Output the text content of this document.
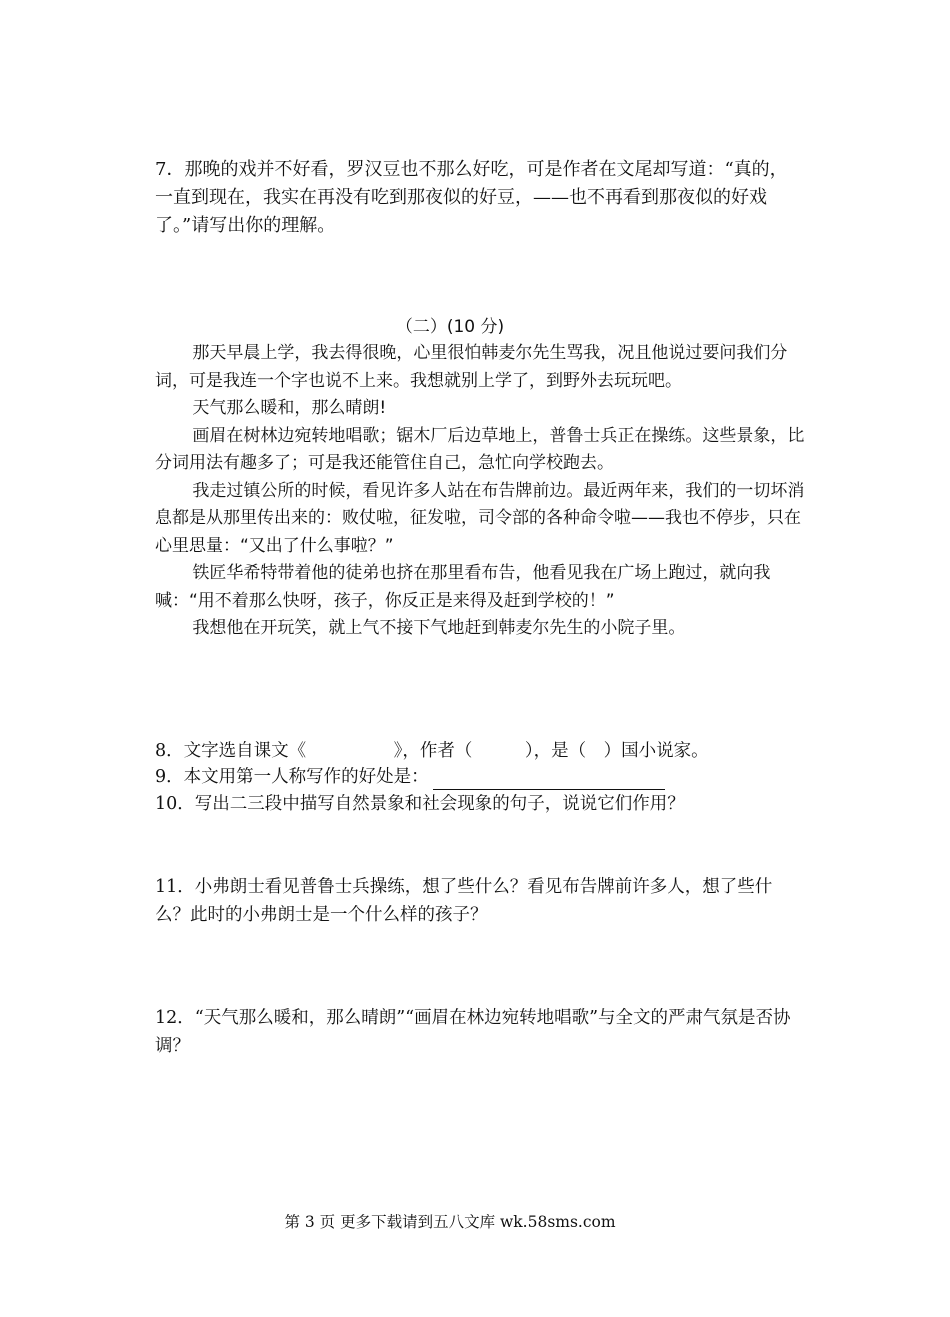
7．那晚的戏并不好看，罗汉豆也不那么好吃，可是作者在文尾却写道：“真的，一直到现在，我实在再没有吃到那夜似的好豆，——也不再看到那夜似的好戏了。”请写出你的理解。

（二）(10 分)

那天早晨上学，我去得很晚，心里很怕韩麦尔先生骂我，况且他说过要问我们分词，可是我连一个字也说不上来。我想就别上学了，到野外去玩玩吧。

天气那么暖和，那么晴朗!

画眉在树林边宛转地唱歌；锯木厂后边草地上，普鲁士兵正在操练。这些景象，比分词用法有趣多了；可是我还能管住自己，急忙向学校跑去。

我走过镇公所的时候，看见许多人站在布告牌前边。最近两年来，我们的一切坏消息都是从那里传出来的：败仗啦，征发啦，司令部的各种命令啦——我也不停步，只在心里思量：“又出了什么事啦？”

铁匠华希特带着他的徒弟也挤在那里看布告，他看见我在广场上跑过，就向我喊：“用不着那么快呀，孩子，你反正是来得及赶到学校的！”

我想他在开玩笑，就上气不接下气地赶到韩麦尔先生的小院子里。

8．文字选自课文《　　　　　》，作者（　　　），是（　）国小说家。

9．本文用第一人称写作的好处是：

10．写出二三段中描写自然景象和社会现象的句子，说说它们作用？

11．小弗朗士看见普鲁士兵操练，想了些什么？看见布告牌前许多人，想了些什么？此时的小弗朗士是一个什么样的孩子？

12．“天气那么暖和，那么晴朗”“画眉在林边宛转地唱歌”与全文的严肃气氛是否协调？

第 3 页 更多下载请到五八文库 wk.58sms.com
